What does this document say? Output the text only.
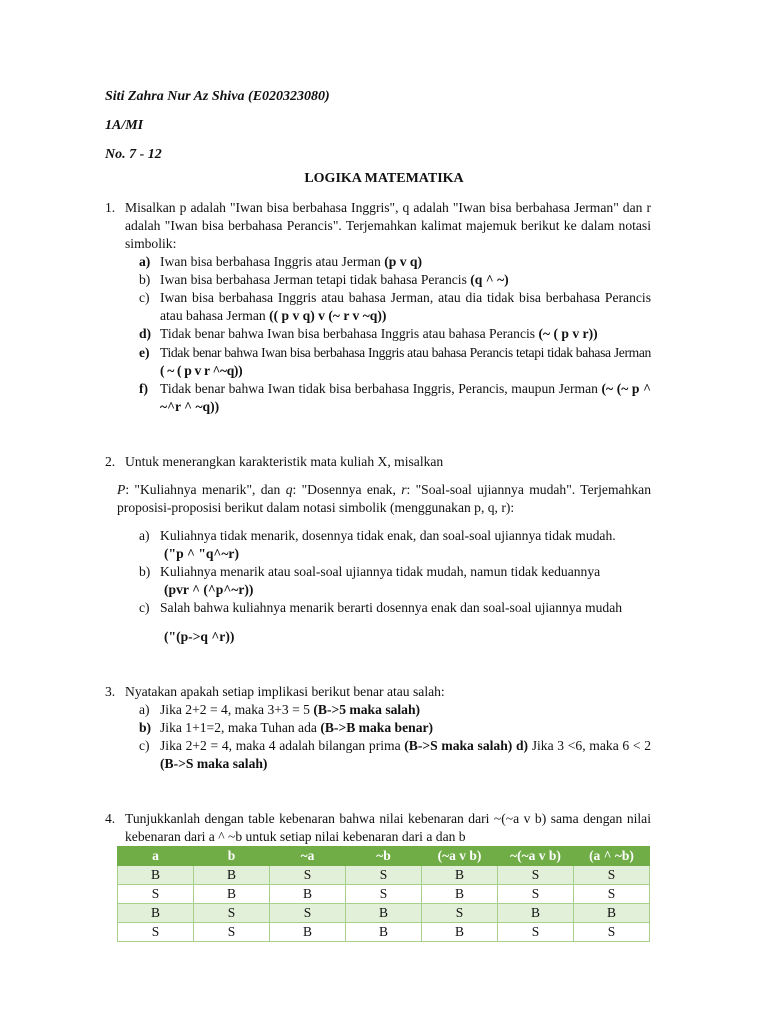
Siti Zahra Nur Az Shiva (E020323080)
1A/MI
No. 7 - 12
LOGIKA MATEMATIKA
1. Misalkan p adalah "Iwan bisa berbahasa Inggris", q adalah "Iwan bisa berbahasa Jerman" dan r adalah "Iwan bisa berbahasa Perancis". Terjemahkan kalimat majemuk berikut ke dalam notasi simbolik:
a) Iwan bisa berbahasa Inggris atau Jerman (p v q)
b) Iwan bisa berbahasa Jerman tetapi tidak bahasa Perancis (q ^ ~)
c) Iwan bisa berbahasa Inggris atau bahasa Jerman, atau dia tidak bisa berbahasa Perancis atau bahasa Jerman (( p v q) v (~ r v ~q))
d) Tidak benar bahwa Iwan bisa berbahasa Inggris atau bahasa Perancis (~ ( p v r))
e) Tidak benar bahwa Iwan bisa berbahasa Inggris atau bahasa Perancis tetapi tidak bahasa Jerman ( ~ ( p v r ^~q))
f) Tidak benar bahwa Iwan tidak bisa berbahasa Inggris, Perancis, maupun Jerman (~ (~ p ^ ~^r ^ ~q))
2. Untuk menerangkan karakteristik mata kuliah X, misalkan
P: "Kuliahnya menarik", dan q: "Dosennya enak, r: "Soal-soal ujiannya mudah". Terjemahkan proposisi-proposisi berikut dalam notasi simbolik (menggunakan p, q, r):
a) Kuliahnya tidak menarik, dosennya tidak enak, dan soal-soal ujiannya tidak mudah.
("p ^ "q^~r)
b) Kuliahnya menarik atau soal-soal ujiannya tidak mudah, namun tidak keduannya
(pvr ^ (^p^~r))
c) Salah bahwa kuliahnya menarik berarti dosennya enak dan soal-soal ujiannya mudah
("(p->q ^r))
3. Nyatakan apakah setiap implikasi berikut benar atau salah:
a) Jika 2+2 = 4, maka 3+3 = 5 (B->5 maka salah)
b) Jika 1+1=2, maka Tuhan ada (B->B maka benar)
c) Jika 2+2 = 4, maka 4 adalah bilangan prima (B->S maka salah) d) Jika 3 <6, maka 6 < 2 (B->S maka salah)
4. Tunjukkanlah dengan table kebenaran bahwa nilai kebenaran dari ~(~a v b) sama dengan nilai kebenaran dari a ^ ~b untuk setiap nilai kebenaran dari a dan b
a	b	~a	~b	(~a v b)	~(~a v b)	(a ^ ~b)
B	B	S	S	B	S	S
S	B	B	S	B	S	S
B	S	S	B	S	B	B
S	S	B	B	B	S	S
